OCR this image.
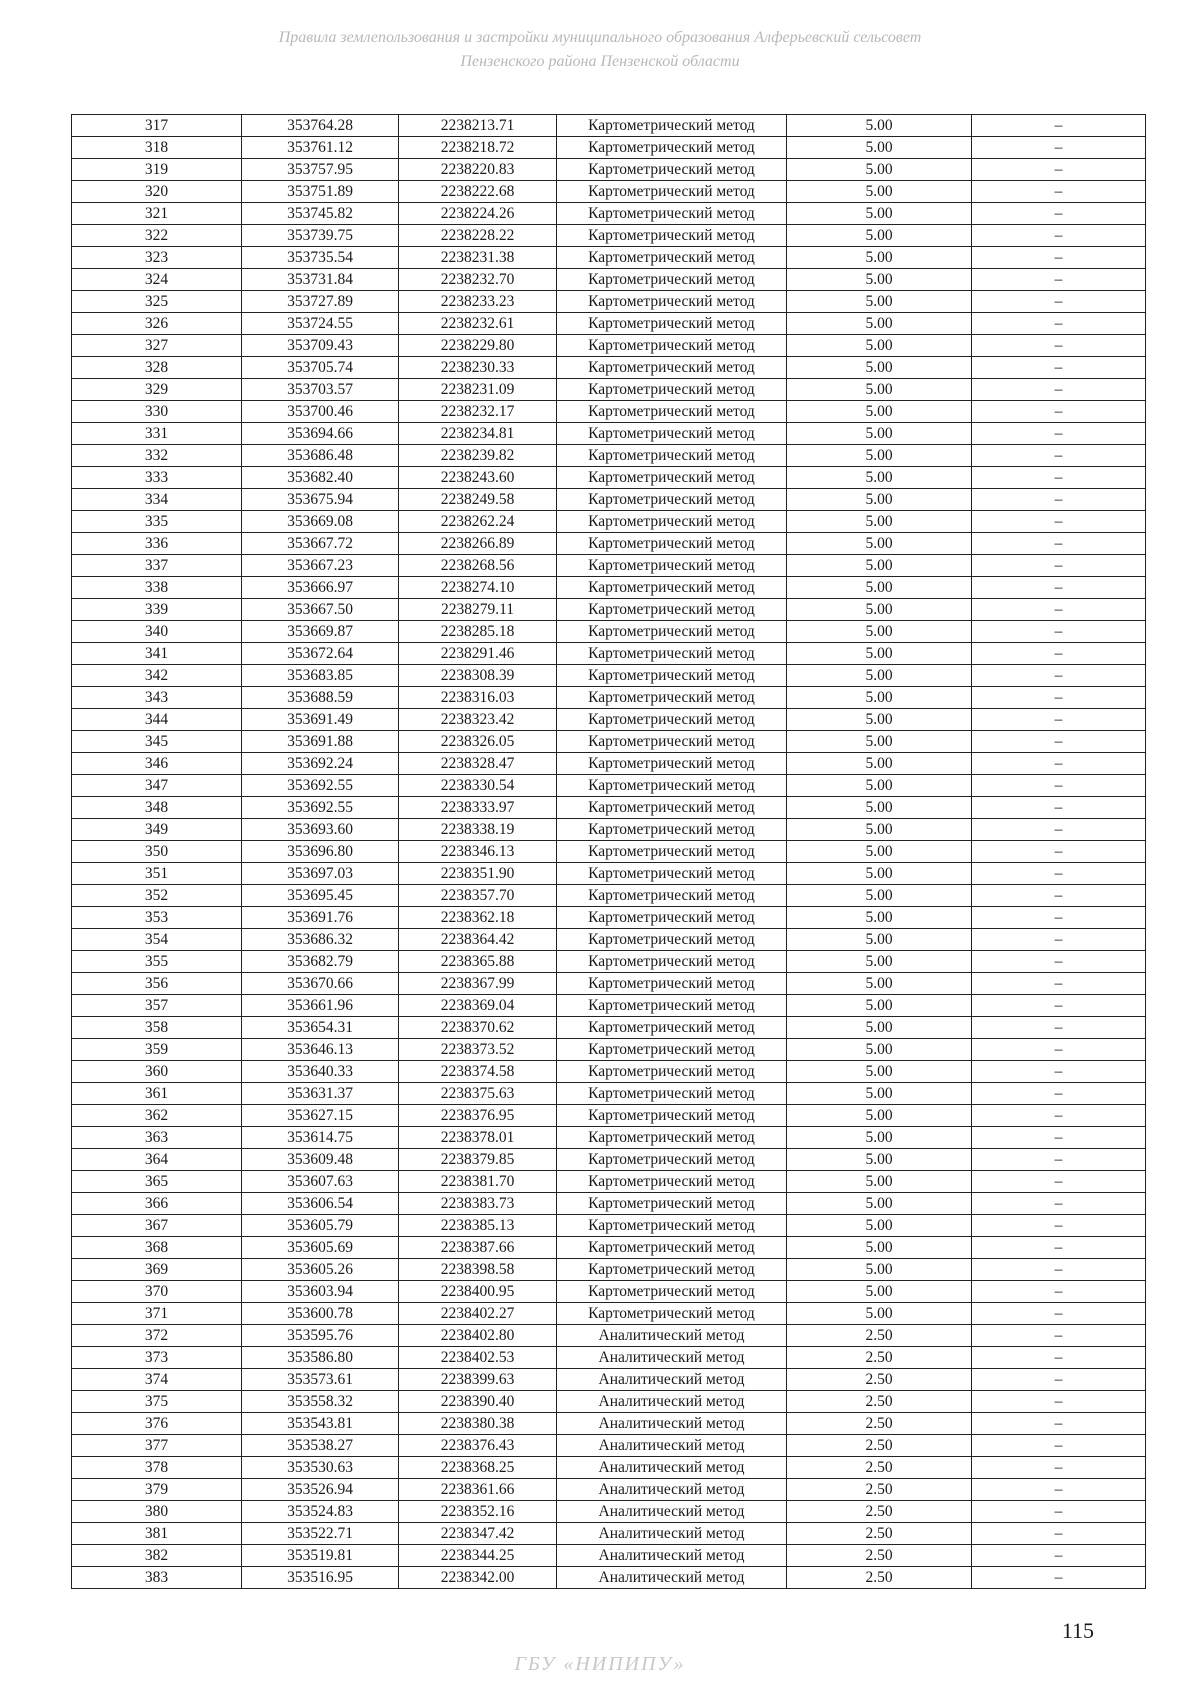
Правила землепользования и застройки муниципального образования Алферьевский сельсовет
Пензенского района Пензенской области
317	353764.28	2238213.71	Картометрический метод	5.00	–
318	353761.12	2238218.72	Картометрический метод	5.00	–
319	353757.95	2238220.83	Картометрический метод	5.00	–
320	353751.89	2238222.68	Картометрический метод	5.00	–
321	353745.82	2238224.26	Картометрический метод	5.00	–
322	353739.75	2238228.22	Картометрический метод	5.00	–
323	353735.54	2238231.38	Картометрический метод	5.00	–
324	353731.84	2238232.70	Картометрический метод	5.00	–
325	353727.89	2238233.23	Картометрический метод	5.00	–
326	353724.55	2238232.61	Картометрический метод	5.00	–
327	353709.43	2238229.80	Картометрический метод	5.00	–
328	353705.74	2238230.33	Картометрический метод	5.00	–
329	353703.57	2238231.09	Картометрический метод	5.00	–
330	353700.46	2238232.17	Картометрический метод	5.00	–
331	353694.66	2238234.81	Картометрический метод	5.00	–
332	353686.48	2238239.82	Картометрический метод	5.00	–
333	353682.40	2238243.60	Картометрический метод	5.00	–
334	353675.94	2238249.58	Картометрический метод	5.00	–
335	353669.08	2238262.24	Картометрический метод	5.00	–
336	353667.72	2238266.89	Картометрический метод	5.00	–
337	353667.23	2238268.56	Картометрический метод	5.00	–
338	353666.97	2238274.10	Картометрический метод	5.00	–
339	353667.50	2238279.11	Картометрический метод	5.00	–
340	353669.87	2238285.18	Картометрический метод	5.00	–
341	353672.64	2238291.46	Картометрический метод	5.00	–
342	353683.85	2238308.39	Картометрический метод	5.00	–
343	353688.59	2238316.03	Картометрический метод	5.00	–
344	353691.49	2238323.42	Картометрический метод	5.00	–
345	353691.88	2238326.05	Картометрический метод	5.00	–
346	353692.24	2238328.47	Картометрический метод	5.00	–
347	353692.55	2238330.54	Картометрический метод	5.00	–
348	353692.55	2238333.97	Картометрический метод	5.00	–
349	353693.60	2238338.19	Картометрический метод	5.00	–
350	353696.80	2238346.13	Картометрический метод	5.00	–
351	353697.03	2238351.90	Картометрический метод	5.00	–
352	353695.45	2238357.70	Картометрический метод	5.00	–
353	353691.76	2238362.18	Картометрический метод	5.00	–
354	353686.32	2238364.42	Картометрический метод	5.00	–
355	353682.79	2238365.88	Картометрический метод	5.00	–
356	353670.66	2238367.99	Картометрический метод	5.00	–
357	353661.96	2238369.04	Картометрический метод	5.00	–
358	353654.31	2238370.62	Картометрический метод	5.00	–
359	353646.13	2238373.52	Картометрический метод	5.00	–
360	353640.33	2238374.58	Картометрический метод	5.00	–
361	353631.37	2238375.63	Картометрический метод	5.00	–
362	353627.15	2238376.95	Картометрический метод	5.00	–
363	353614.75	2238378.01	Картометрический метод	5.00	–
364	353609.48	2238379.85	Картометрический метод	5.00	–
365	353607.63	2238381.70	Картометрический метод	5.00	–
366	353606.54	2238383.73	Картометрический метод	5.00	–
367	353605.79	2238385.13	Картометрический метод	5.00	–
368	353605.69	2238387.66	Картометрический метод	5.00	–
369	353605.26	2238398.58	Картометрический метод	5.00	–
370	353603.94	2238400.95	Картометрический метод	5.00	–
371	353600.78	2238402.27	Картометрический метод	5.00	–
372	353595.76	2238402.80	Аналитический метод	2.50	–
373	353586.80	2238402.53	Аналитический метод	2.50	–
374	353573.61	2238399.63	Аналитический метод	2.50	–
375	353558.32	2238390.40	Аналитический метод	2.50	–
376	353543.81	2238380.38	Аналитический метод	2.50	–
377	353538.27	2238376.43	Аналитический метод	2.50	–
378	353530.63	2238368.25	Аналитический метод	2.50	–
379	353526.94	2238361.66	Аналитический метод	2.50	–
380	353524.83	2238352.16	Аналитический метод	2.50	–
381	353522.71	2238347.42	Аналитический метод	2.50	–
382	353519.81	2238344.25	Аналитический метод	2.50	–
383	353516.95	2238342.00	Аналитический метод	2.50	–
115
ГБУ «НИПИПУ»
